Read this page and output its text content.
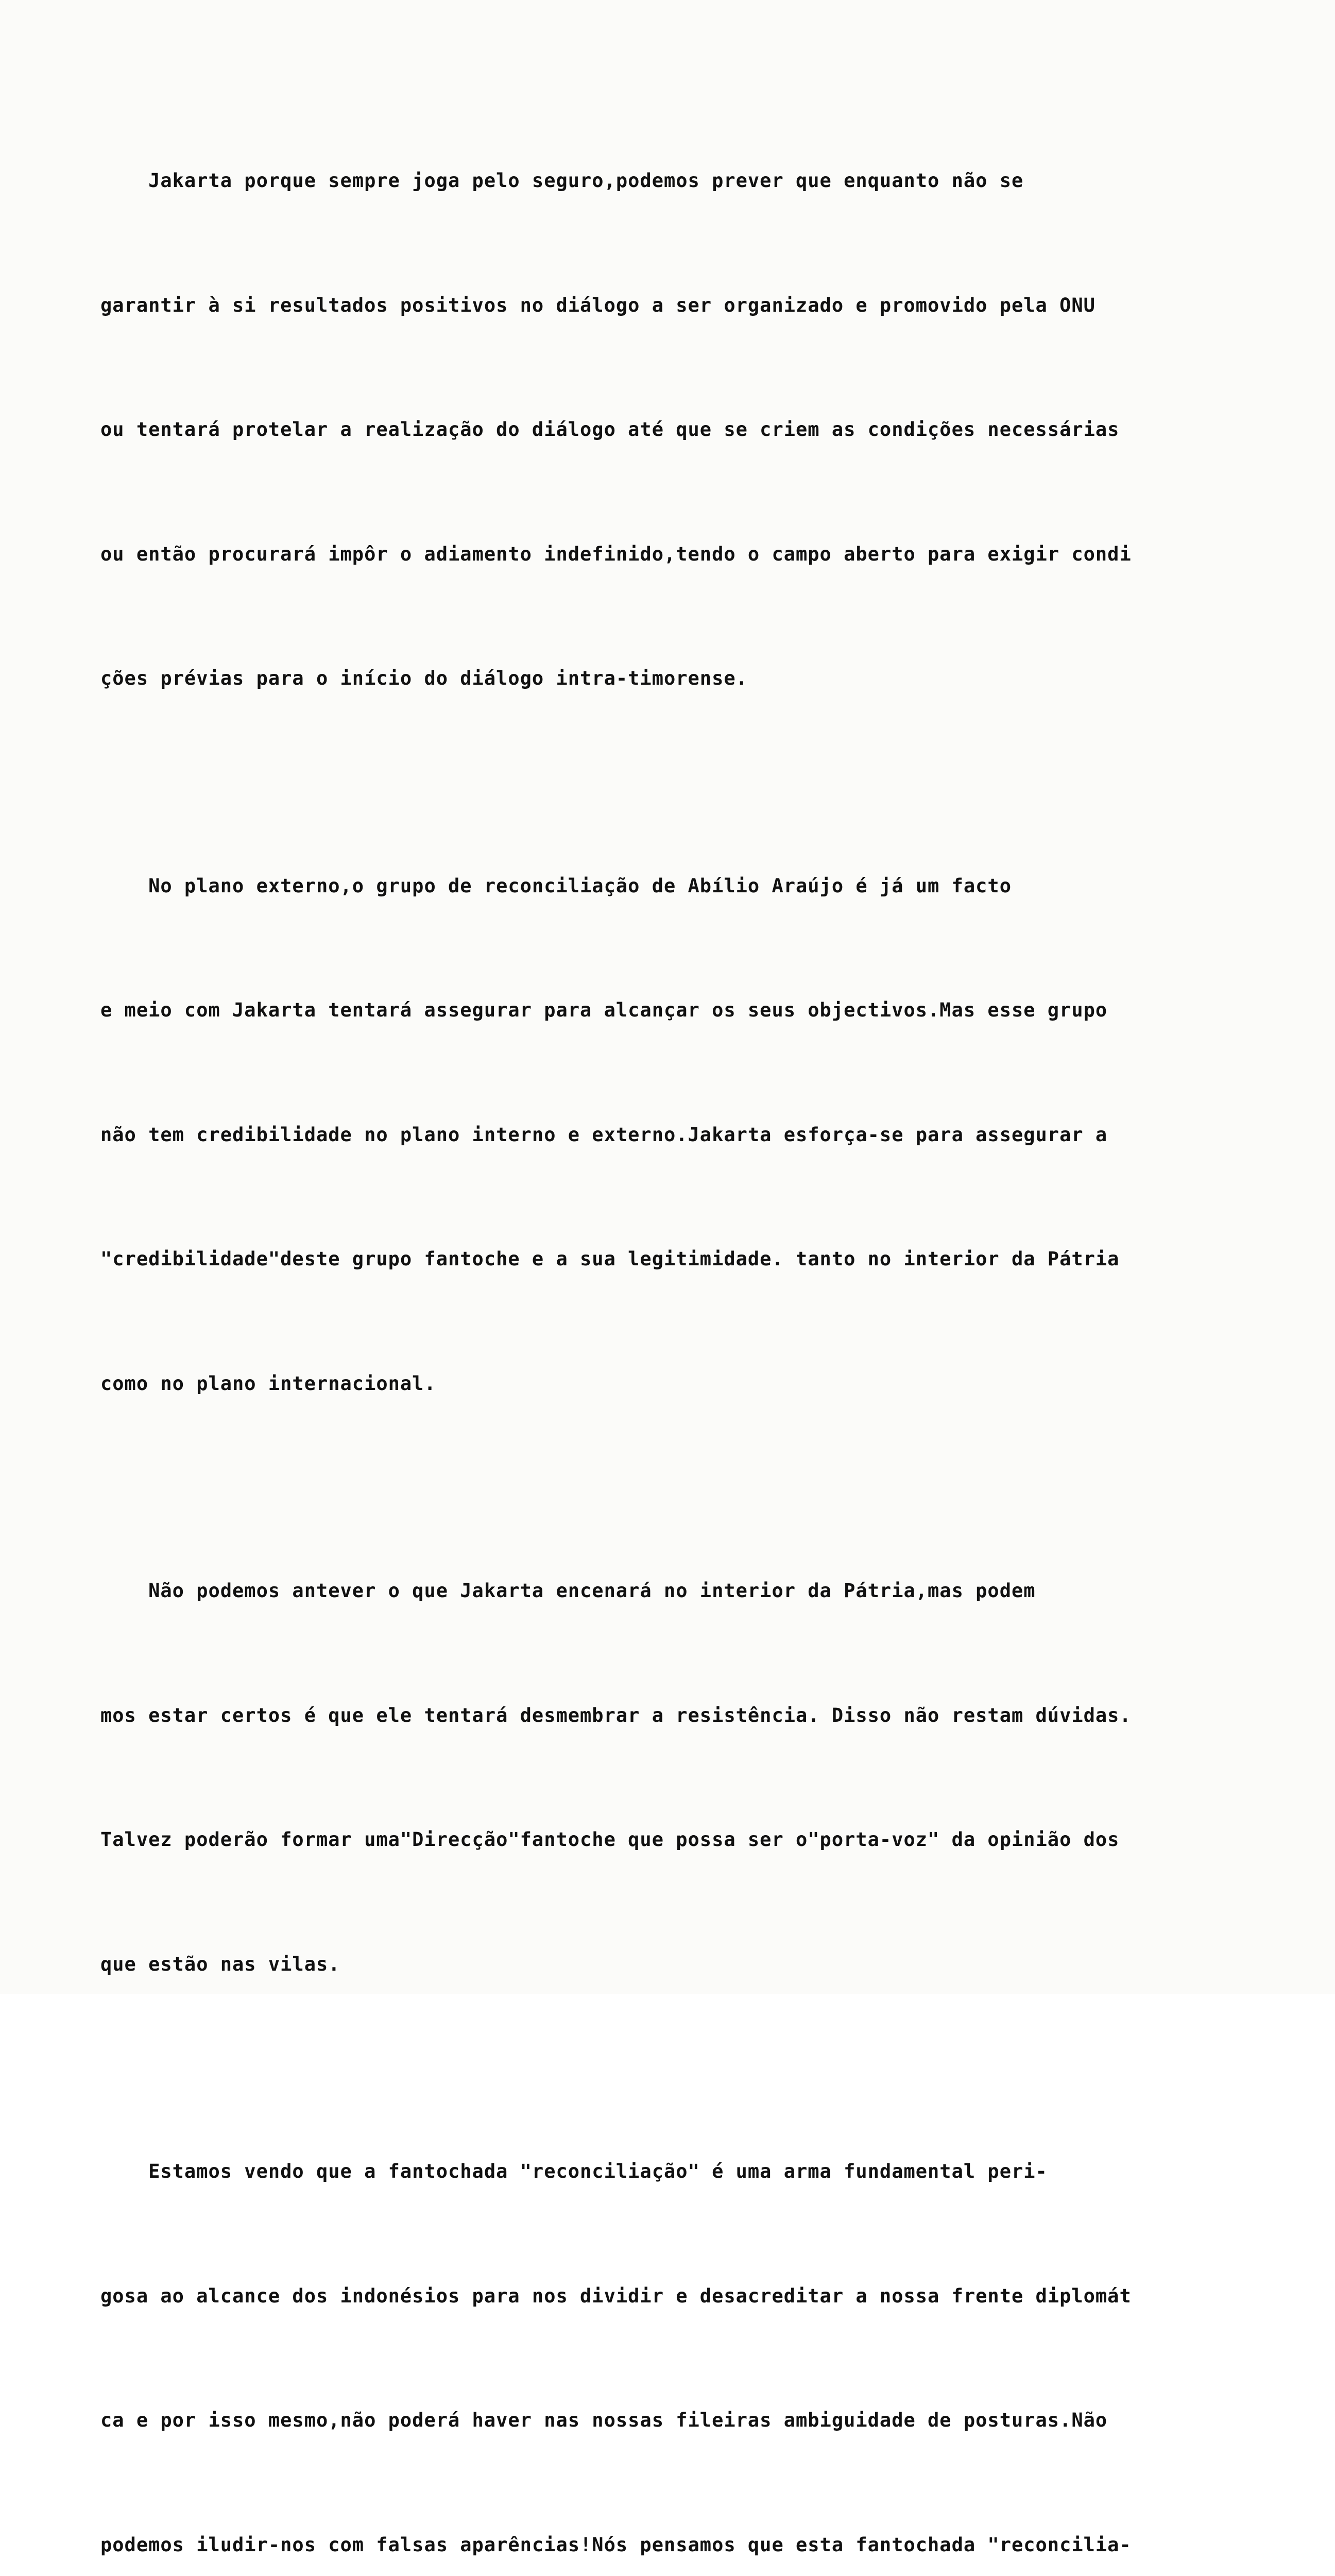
Jakarta porque sempre joga pelo seguro,podemos prever que enquanto não se

garantir à si resultados positivos no diálogo a ser organizado e promovido pela ONU

ou tentará protelar a realização do diálogo até que se criem as condições necessárias

ou então procurará impôr o adiamento indefinido,tendo o campo aberto para exigir condi

ções prévias para o início do diálogo intra-timorense.

No plano externo,o grupo de reconciliação de Abílio Araújo é já um facto

e meio com Jakarta tentará assegurar para alcançar os seus objectivos.Mas esse grupo

não tem credibilidade no plano interno e externo.Jakarta esforça-se para assegurar a

"credibilidade"deste grupo fantoche e a sua legitimidade. tanto no interior da Pátria

como no plano internacional.

Não podemos antever o que Jakarta encenará no interior da Pátria,mas podem

mos estar certos é que ele tentará desmembrar a resistência. Disso não restam dúvidas.

Talvez poderão formar uma"Direcção"fantoche que possa ser o"porta-voz" da opinião dos

que estão nas vilas.

Estamos vendo que a fantochada "reconciliação" é uma arma fundamental peri-

gosa ao alcance dos indonésios para nos dividir e desacreditar a nossa frente diplomát

ca e por isso mesmo,não poderá haver nas nossas fileiras ambiguidade de posturas.Não

podemos iludir-nos com falsas aparências!Nós pensamos que esta fantochada "reconcilia-
